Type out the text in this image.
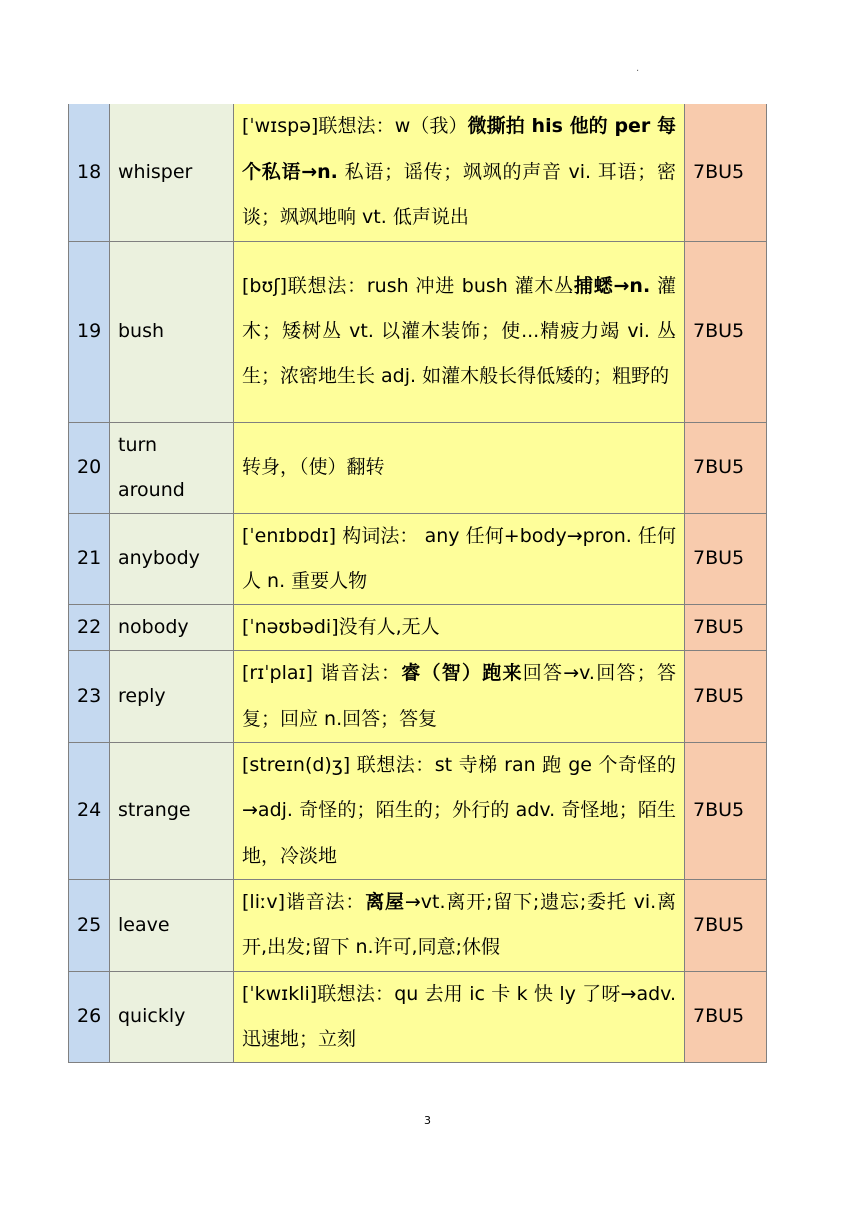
·
18	whisper	[ˈwɪspə]联想法：w（我）微撕拍 his 他的 per 每个私语→n. 私语；谣传；飒飒的声音 vi. 耳语；密谈；飒飒地响 vt. 低声说出	7BU5
19	bush	[bʊʃ]联想法：rush 冲进 bush 灌木丛捕蟋→n. 灌木；矮树丛 vt. 以灌木装饰；使...精疲力竭 vi. 丛生；浓密地生长 adj. 如灌木般长得低矮的；粗野的	7BU5
20	turn around	转身，（使）翻转	7BU5
21	anybody	[ˈenɪbɒdɪ] 构词法： any 任何+body→pron. 任何人 n. 重要人物	7BU5
22	nobody	[ˈnəʊbədi]没有人,无人	7BU5
23	reply	[rɪˈplaɪ] 谐音法：睿（智）跑来回答→v.回答；答复；回应 n.回答；答复	7BU5
24	strange	[streɪn(d)ʒ] 联想法：st 寺梯 ran 跑 ge 个奇怪的→adj. 奇怪的；陌生的；外行的 adv. 奇怪地；陌生地，冷淡地	7BU5
25	leave	[liːv]谐音法：离屋→vt.离开;留下;遗忘;委托 vi.离开,出发;留下 n.许可,同意;休假	7BU5
26	quickly	[ˈkwɪkli]联想法：qu 去用 ic 卡 k 快 ly 了呀→adv. 迅速地；立刻	7BU5
3
